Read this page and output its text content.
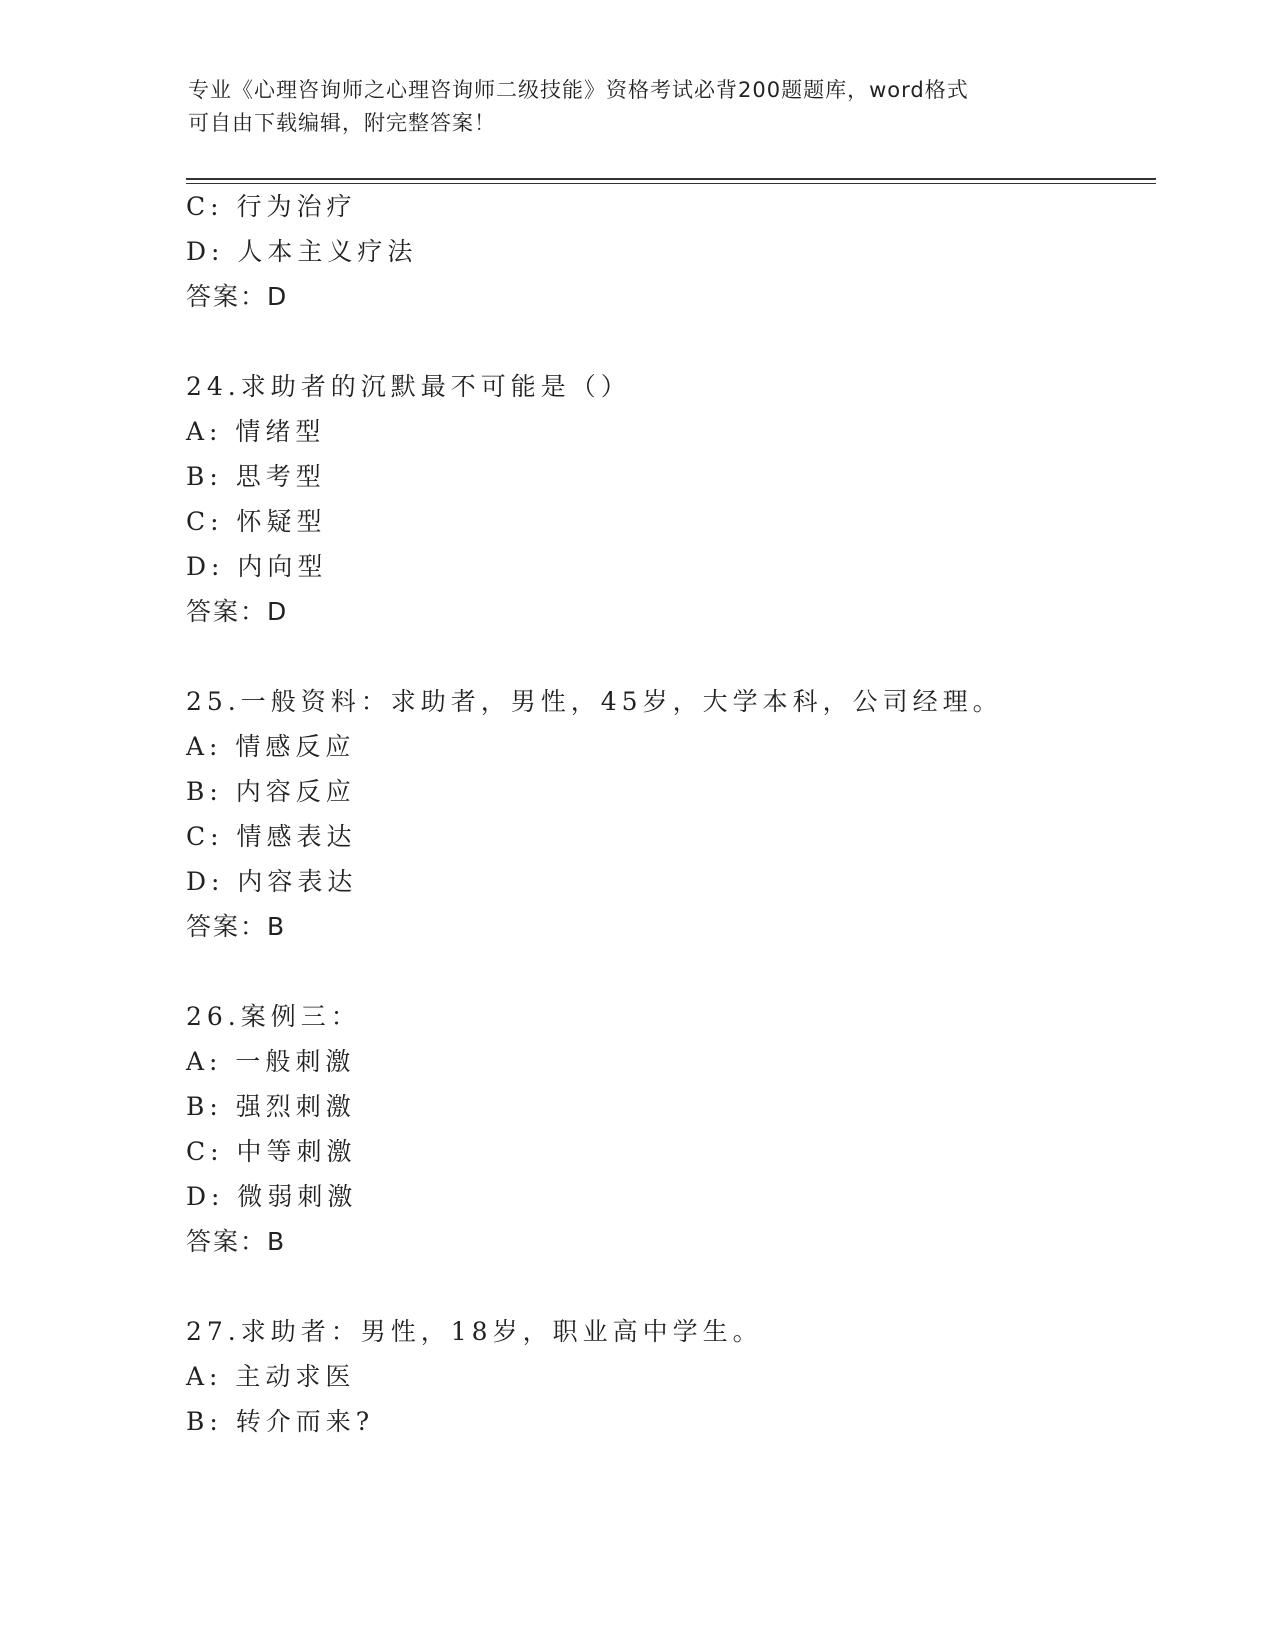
专业《心理咨询师之心理咨询师二级技能》资格考试必背200题题库，word格式
可自由下载编辑，附完整答案！
C: 行为治疗
D: 人本主义疗法
答案：D
24.求助者的沉默最不可能是（）
A: 情绪型
B: 思考型
C: 怀疑型
D: 内向型
答案：D
25.一般资料：求助者，男性，45岁，大学本科，公司经理。
A: 情感反应
B: 内容反应
C: 情感表达
D: 内容表达
答案：B
26.案例三：
A: 一般刺激
B: 强烈刺激
C: 中等刺激
D: 微弱刺激
答案：B
27.求助者：男性，18岁，职业高中学生。
A: 主动求医
B: 转介而来?
